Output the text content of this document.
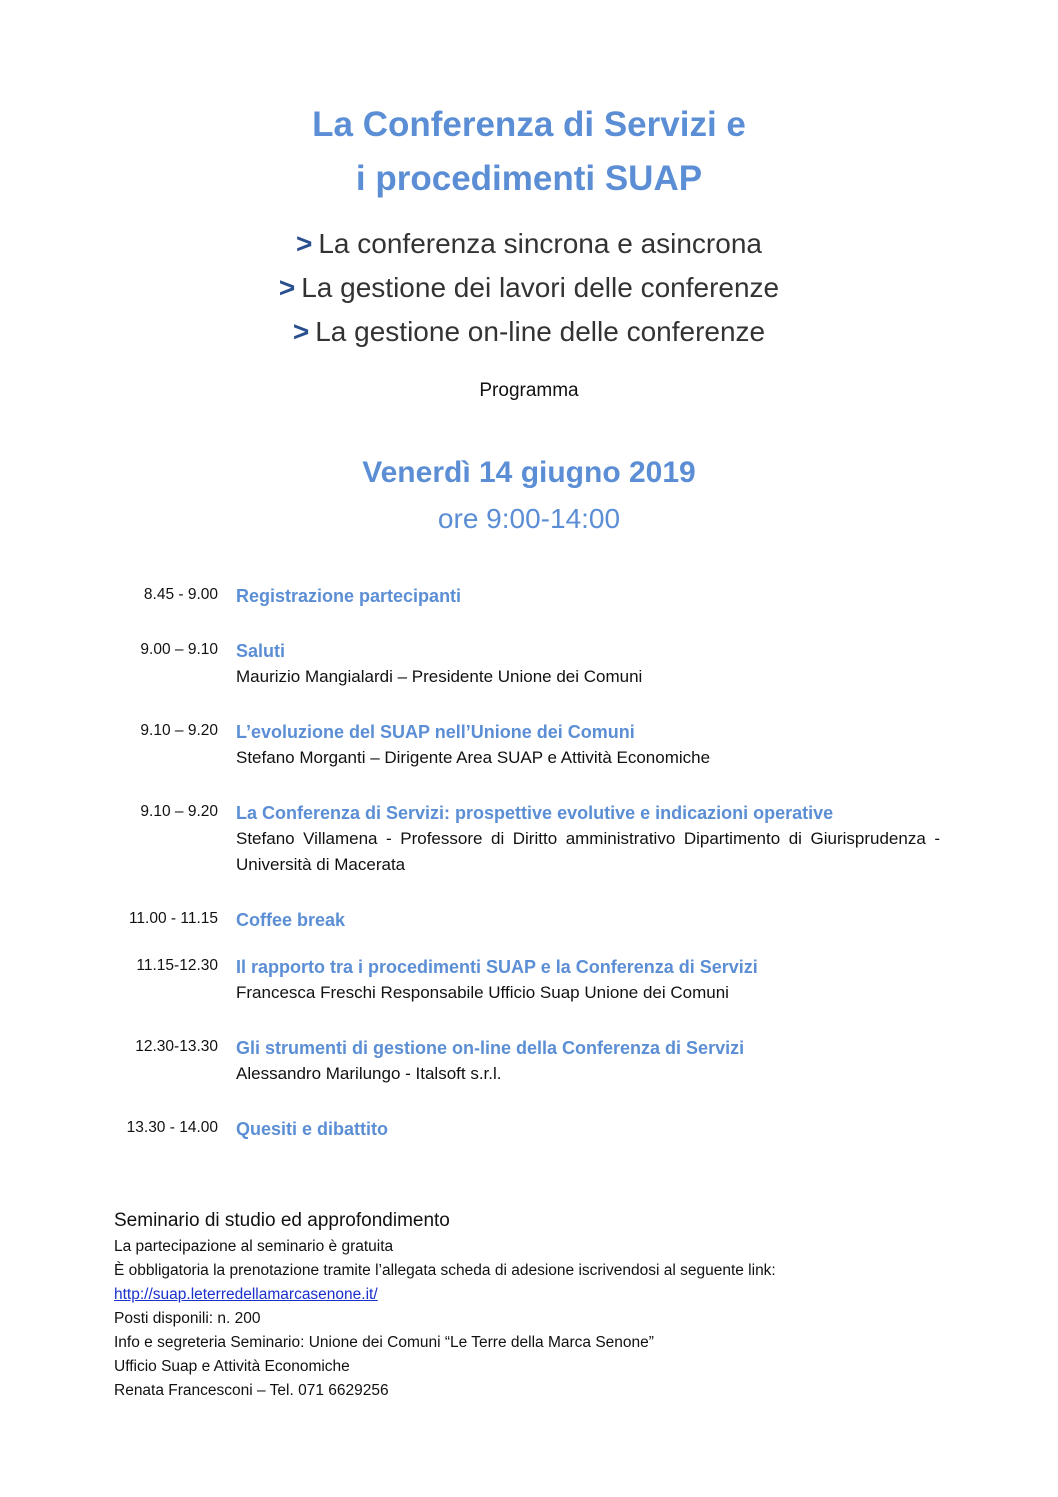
La Conferenza di Servizi e
i procedimenti SUAP
> La conferenza sincrona e asincrona
> La gestione dei lavori delle conferenze
> La gestione on-line delle conferenze
Programma
Venerdì 14 giugno 2019
ore 9:00-14:00
8.45 - 9.00	Registrazione partecipanti
9.00 – 9.10	Saluti
Maurizio Mangialardi – Presidente Unione dei Comuni
9.10 – 9.20	L’evoluzione del SUAP nell’Unione dei Comuni
Stefano Morganti – Dirigente Area SUAP e Attività Economiche
9.10 – 9.20	La Conferenza di Servizi: prospettive evolutive e indicazioni operative
Stefano Villamena - Professore di Diritto amministrativo Dipartimento di Giurisprudenza - Università di Macerata
11.00 - 11.15	Coffee break
11.15-12.30	Il rapporto tra i procedimenti SUAP e la Conferenza di Servizi
Francesca Freschi Responsabile Ufficio Suap Unione dei Comuni
12.30-13.30	Gli strumenti di gestione on-line della Conferenza di Servizi
Alessandro Marilungo - Italsoft s.r.l.
13.30 - 14.00	Quesiti e dibattito
Seminario di studio ed approfondimento
La partecipazione al seminario è gratuita
È obbligatoria la prenotazione tramite l’allegata scheda di adesione iscrivendosi al seguente link:
http://suap.leterredellamarcasenone.it/
Posti disponili: n. 200
Info e segreteria Seminario: Unione dei Comuni “Le Terre della Marca Senone”
Ufficio Suap e Attività Economiche
Renata Francesconi – Tel. 071 6629256
